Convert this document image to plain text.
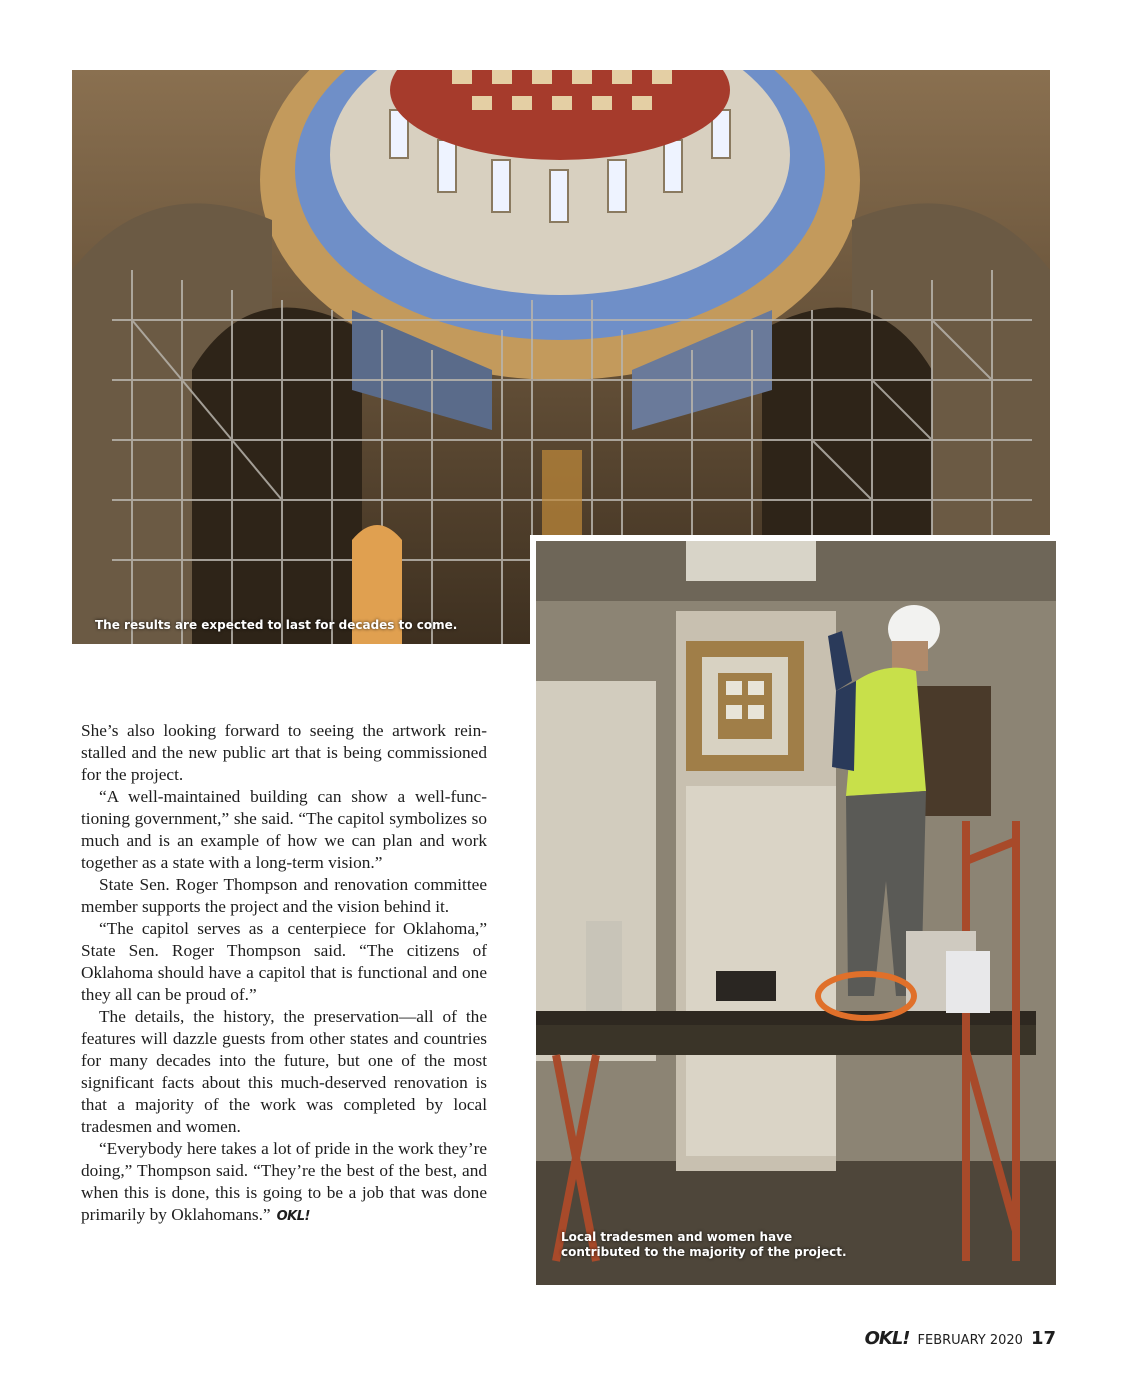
The results are expected to last for decades to come.
Local tradesmen and women have contributed to the majority of the project.

She’s also looking forward to seeing the artwork reinstalled and the new public art that is being commissioned for the project.

“A well-maintained building can show a well-functioning government,” she said. “The capitol symbolizes so much and is an example of how we can plan and work together as a state with a long-term vision.”

State Sen. Roger Thompson and renovation committee member supports the project and the vision behind it.

“The capitol serves as a centerpiece for Oklahoma,” State Sen. Roger Thompson said. “The citizens of Oklahoma should have a capitol that is functional and one they all can be proud of.”

The details, the history, the preservation—all of the features will dazzle guests from other states and countries for many decades into the future, but one of the most significant facts about this much-deserved renovation is that a majority of the work was completed by local tradesmen and women.

“Everybody here takes a lot of pride in the work they’re doing,” Thompson said. “They’re the best of the best, and when this is done, this is going to be a job that was done primarily by Oklahomans.” OKL!

OKL! FEBRUARY 2020 17
